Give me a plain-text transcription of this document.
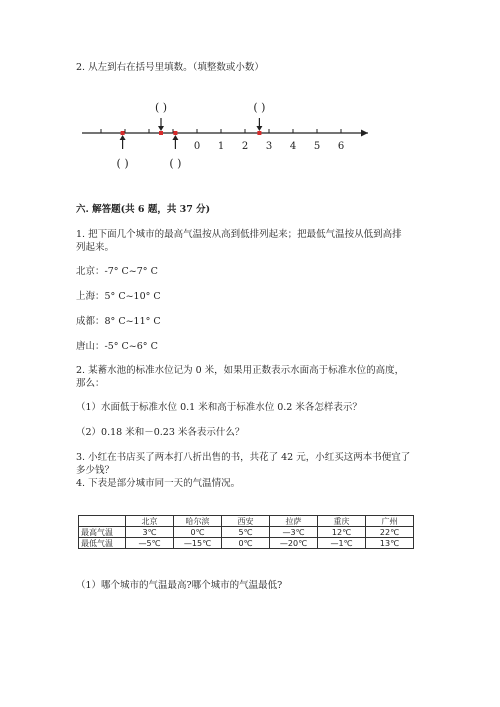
2. 从左到右在括号里填数。（填整数或小数）
0 1 2 3 4 5 6
( )
( )
( )
( )
六. 解答题(共 6 题，共 37 分)
1. 把下面几个城市的最高气温按从高到低排列起来；把最低气温按从低到高排
列起来。
北京：-7° C~7° C
上海：5° C~10° C
成都：8° C~11° C
唐山：-5° C~6° C
2. 某蓄水池的标准水位记为 0 米，如果用正数表示水面高于标准水位的高度，
那么：
（1）水面低于标准水位 0.1 米和高于标准水位 0.2 米各怎样表示？
（2）0.18 米和－0.23 米各表示什么？
3. 小红在书店买了两本打八折出售的书，共花了 42 元，小红买这两本书便宜了
多少钱？
4. 下表是部分城市同一天的气温情况。
	北京	哈尔滨	西安	拉萨	重庆	广州
最高气温	3℃	0℃	5℃	—3℃	12℃	22℃
最低气温	—5℃	—15℃	0℃	—20℃	—1℃	13℃
（1）哪个城市的气温最高?哪个城市的气温最低?
